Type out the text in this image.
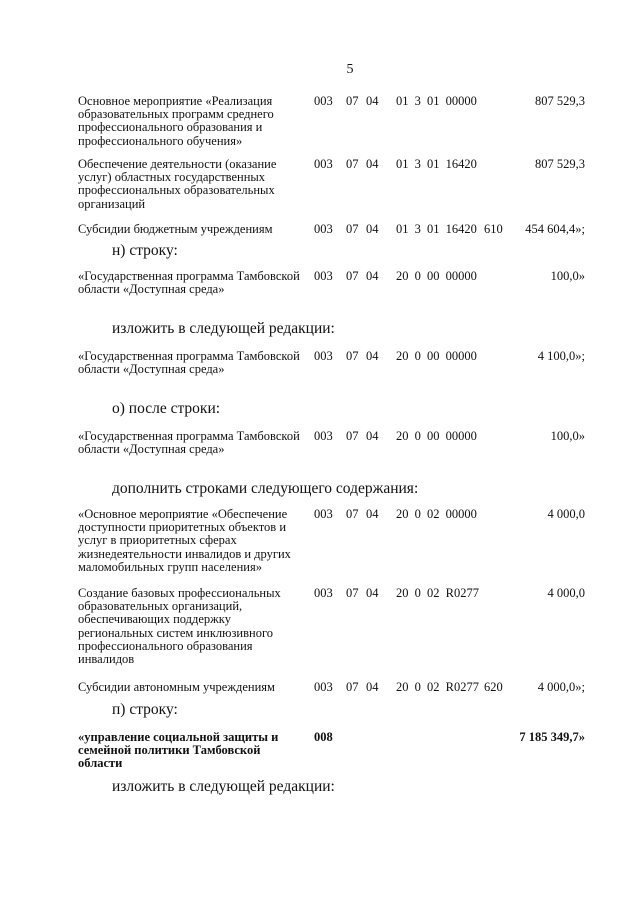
5
Основное мероприятие «Реализация образовательных программ среднего профессионального образования и профессионального обучения»
003 07 04 01 3 01 00000	807 529,3
Обеспечение деятельности (оказание услуг) областных государственных профессиональных образовательных организаций
003 07 04 01 3 01 16420	807 529,3
Субсидии бюджетным учреждениям	003 07 04 01 3 01 16420 610	454 604,4»;
н) строку:
«Государственная программа Тамбовской области «Доступная среда»
003 07 04 20 0 00 00000	100,0»
изложить в следующей редакции:
«Государственная программа Тамбовской области «Доступная среда»
003 07 04 20 0 00 00000	4 100,0»;
о) после строки:
«Государственная программа Тамбовской области «Доступная среда»
003 07 04 20 0 00 00000	100,0»
дополнить строками следующего содержания:
«Основное мероприятие «Обеспечение доступности приоритетных объектов и услуг в приоритетных сферах жизнедеятельности инвалидов и других маломобильных групп населения»
003 07 04 20 0 02 00000	4 000,0
Создание базовых профессиональных образовательных организаций, обеспечивающих поддержку региональных систем инклюзивного профессионального образования инвалидов
003 07 04 20 0 02 R0277	4 000,0
Субсидии автономным учреждениям	003 07 04 20 0 02 R0277 620	4 000,0»;
п) строку:
«управление социальной защиты и семейной политики Тамбовской области
008	7 185 349,7»
изложить в следующей редакции:
